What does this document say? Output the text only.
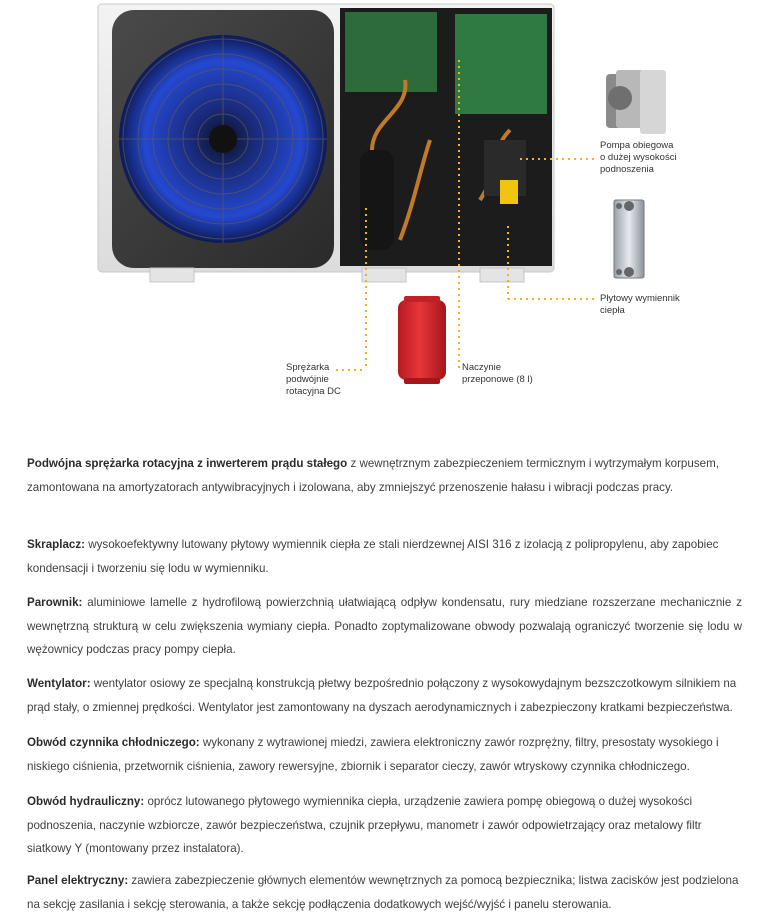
Pompa obiegowa
o dużej wysokości
podnoszenia
Płytowy wymiennik
ciepła
Sprężarka
podwójnie
rotacyjna DC
Naczynie
przeponowe (8 l)
Podwójna sprężarka rotacyjna z inwerterem prądu stałego z wewnętrznym zabezpieczeniem termicznym i wytrzymałym korpusem, zamontowana na amortyzatorach antywibracyjnych i izolowana, aby zmniejszyć przenoszenie hałasu i wibracji podczas pracy.
Skraplacz: wysokoefektywny lutowany płytowy wymiennik ciepła ze stali nierdzewnej AISI 316 z izolacją z polipropylenu, aby zapobiec kondensacji i tworzeniu się lodu w wymienniku.
Parownik: aluminiowe lamelle z hydrofilową powierzchnią ułatwiającą odpływ kondensatu, rury miedziane rozszerzane mechanicznie z wewnętrzną strukturą w celu zwiększenia wymiany ciepła. Ponadto zoptymalizowane obwody pozwalają ograniczyć tworzenie się lodu w wężownicy podczas pracy pompy ciepła.
Wentylator: wentylator osiowy ze specjalną konstrukcją płetwy bezpośrednio połączony z wysokowydajnym bezszczotkowym silnikiem na prąd stały, o zmiennej prędkości. Wentylator jest zamontowany na dyszach aerodynamicznych i zabezpieczony kratkami bezpieczeństwa.
Obwód czynnika chłodniczego: wykonany z wytrawionej miedzi, zawiera elektroniczny zawór rozprężny, filtry, presostaty wysokiego i niskiego ciśnienia, przetwornik ciśnienia, zawory rewersyjne, zbiornik i separator cieczy, zawór wtryskowy czynnika chłodniczego.
Obwód hydrauliczny: oprócz lutowanego płytowego wymiennika ciepła, urządzenie zawiera pompę obiegową o dużej wysokości podnoszenia, naczynie wzbiorcze, zawór bezpieczeństwa, czujnik przepływu, manometr i zawór odpowietrzający oraz metalowy filtr siatkowy Y (montowany przez instalatora).
Panel elektryczny: zawiera zabezpieczenie głównych elementów wewnętrznych za pomocą bezpiecznika; listwa zacisków jest podzielona na sekcję zasilania i sekcję sterowania, a także sekcję podłączenia dodatkowych wejść/wyjść i panelu sterowania.
